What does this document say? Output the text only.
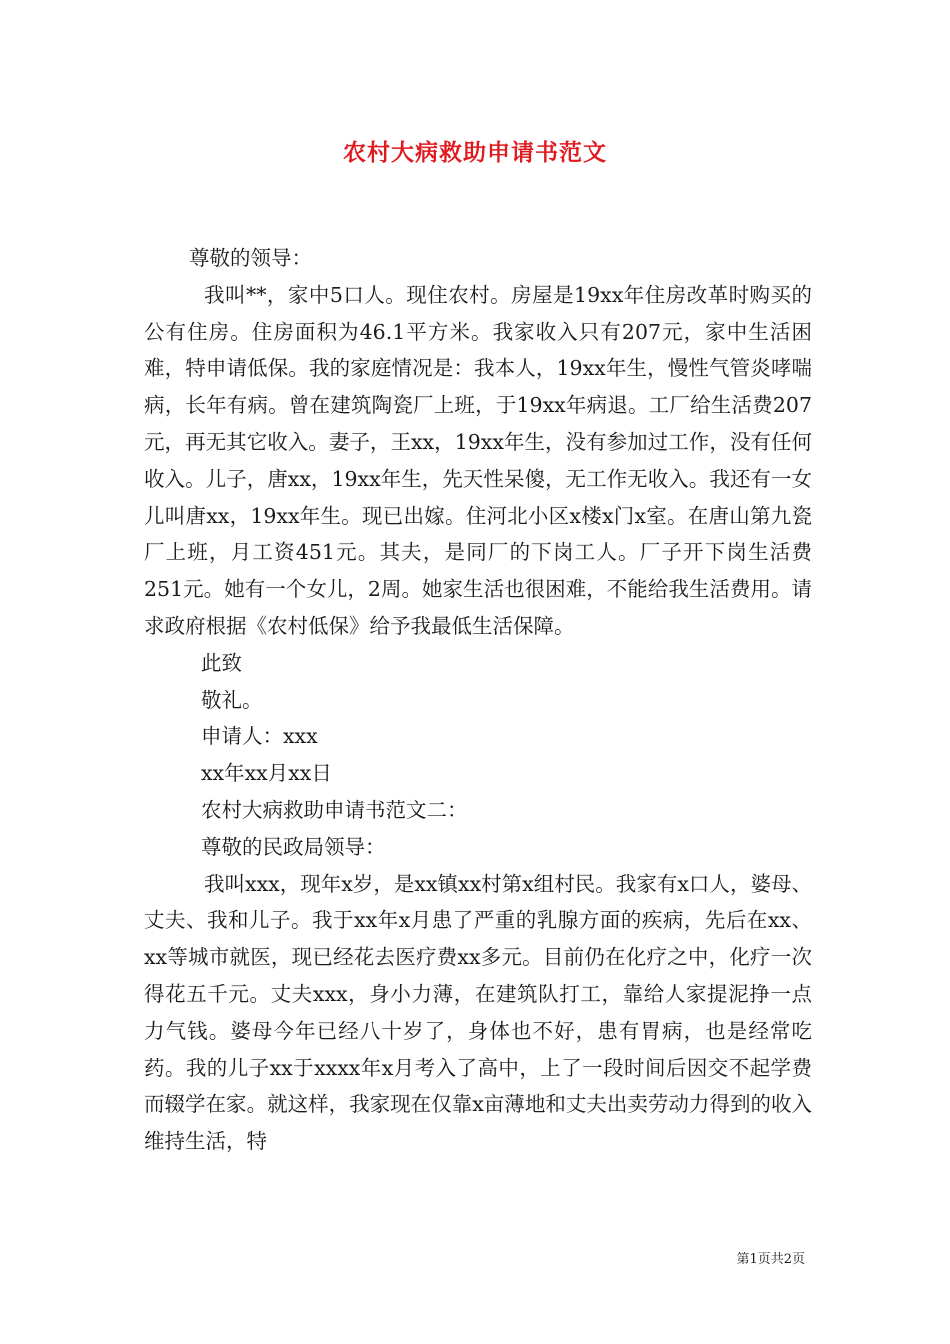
农村大病救助申请书范文

尊敬的领导：

我叫**，家中5口人。现住农村。房屋是19xx年住房改革时购买的公有住房。住房面积为46.1平方米。我家收入只有207元，家中生活困难，特申请低保。我的家庭情况是：我本人，19xx年生，慢性气管炎哮喘病，长年有病。曾在建筑陶瓷厂上班，于19xx年病退。工厂给生活费207元，再无其它收入。妻子，王xx，19xx年生，没有参加过工作，没有任何收入。儿子，唐xx，19xx年生，先天性呆傻，无工作无收入。我还有一女儿叫唐xx，19xx年生。现已出嫁。住河北小区x楼x门x室。在唐山第九瓷厂上班，月工资451元。其夫，是同厂的下岗工人。厂子开下岗生活费251元。她有一个女儿，2周。她家生活也很困难，不能给我生活费用。请求政府根据《农村低保》给予我最低生活保障。

此致

敬礼。

申请人：xxx

xx年xx月xx日

农村大病救助申请书范文二：

尊敬的民政局领导：

我叫xxx，现年x岁，是xx镇xx村第x组村民。我家有x口人，婆母、丈夫、我和儿子。我于xx年x月患了严重的乳腺方面的疾病，先后在xx、xx等城市就医，现已经花去医疗费xx多元。目前仍在化疗之中，化疗一次得花五千元。丈夫xxx，身小力薄，在建筑队打工，靠给人家提泥挣一点力气钱。婆母今年已经八十岁了，身体也不好，患有胃病，也是经常吃药。我的儿子xx于xxxx年x月考入了高中，上了一段时间后因交不起学费而辍学在家。就这样，我家现在仅靠x亩薄地和丈夫出卖劳动力得到的收入维持生活，特

第1页共2页
